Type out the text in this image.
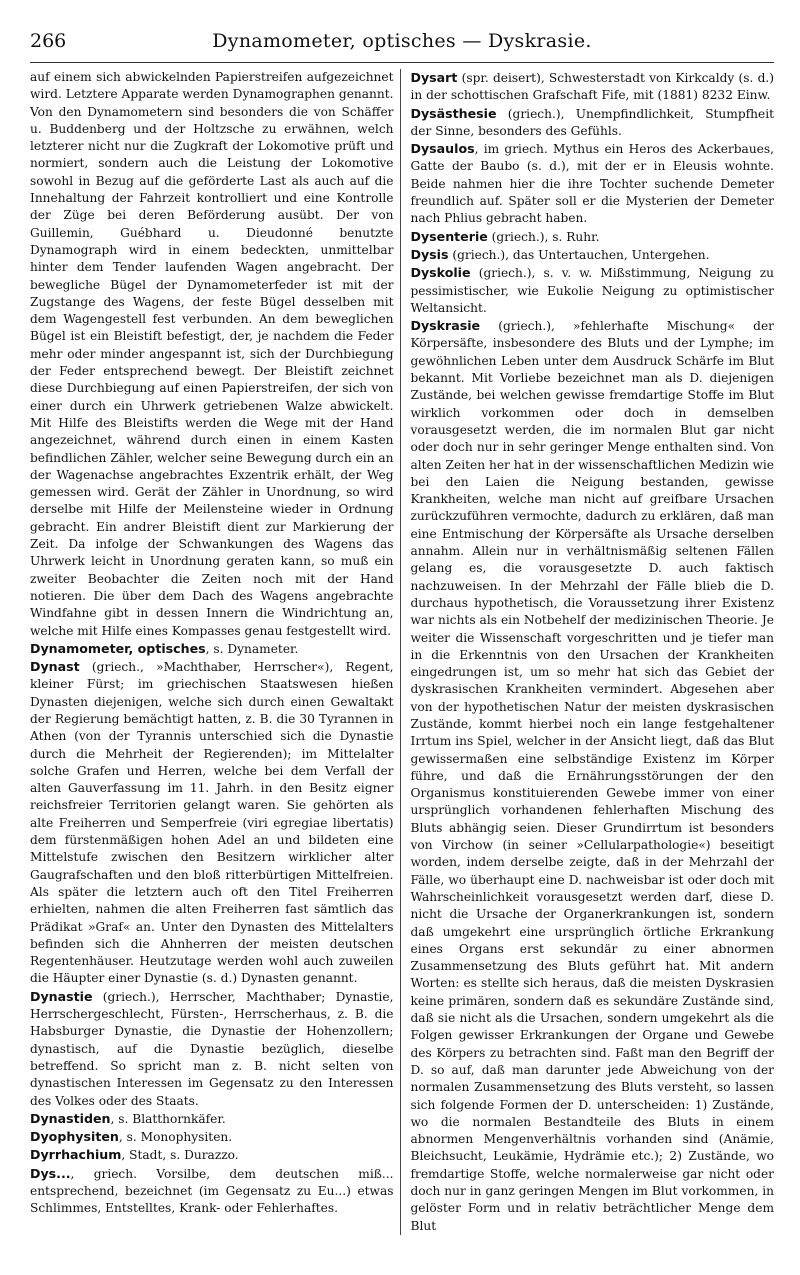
266	Dynamometer, optisches — Dyskrasie.

auf einem sich abwickelnden Papierstreifen aufgezeichnet wird. Letztere Apparate werden Dynamographen genannt. Von den Dynamometern sind besonders die von Schäffer u. Buddenberg und der Holtzsche zu erwähnen, welch letzterer nicht nur die Zugkraft der Lokomotive prüft und normiert, sondern auch die Leistung der Lokomotive sowohl in Bezug auf die geförderte Last als auch auf die Innehaltung der Fahrzeit kontrolliert und eine Kontrolle der Züge bei deren Beförderung ausübt. Der von Guillemin, Guébhard u. Dieudonné benutzte Dynamograph wird in einem bedeckten, unmittelbar hinter dem Tender laufenden Wagen angebracht. Der bewegliche Bügel der Dynamometerfeder ist mit der Zugstange des Wagens, der feste Bügel desselben mit dem Wagengestell fest verbunden. An dem beweglichen Bügel ist ein Bleistift befestigt, der, je nachdem die Feder mehr oder minder angespannt ist, sich der Durchbiegung der Feder entsprechend bewegt. Der Bleistift zeichnet diese Durchbiegung auf einen Papierstreifen, der sich von einer durch ein Uhrwerk getriebenen Walze abwickelt. Mit Hilfe des Bleistifts werden die Wege mit der Hand angezeichnet, während durch einen in einem Kasten befindlichen Zähler, welcher seine Bewegung durch ein an der Wagenachse angebrachtes Exzentrik erhält, der Weg gemessen wird. Gerät der Zähler in Unordnung, so wird derselbe mit Hilfe der Meilensteine wieder in Ordnung gebracht. Ein andrer Bleistift dient zur Markierung der Zeit. Da infolge der Schwankungen des Wagens das Uhrwerk leicht in Unordnung geraten kann, so muß ein zweiter Beobachter die Zeiten noch mit der Hand notieren. Die über dem Dach des Wagens angebrachte Windfahne gibt in dessen Innern die Windrichtung an, welche mit Hilfe eines Kompasses genau festgestellt wird.

Dynamometer, optisches, s. Dynameter.

Dynast (griech., »Machthaber, Herrscher«), Regent, kleiner Fürst; im griechischen Staatswesen hießen Dynasten diejenigen, welche sich durch einen Gewaltakt der Regierung bemächtigt hatten, z. B. die 30 Tyrannen in Athen (von der Tyrannis unterschied sich die Dynastie durch die Mehrheit der Regierenden); im Mittelalter solche Grafen und Herren, welche bei dem Verfall der alten Gauverfassung im 11. Jahrh. in den Besitz eigner reichsfreier Territorien gelangt waren. Sie gehörten als alte Freiherren und Semperfreie (viri egregiae libertatis) dem fürstenmäßigen hohen Adel an und bildeten eine Mittelstufe zwischen den Besitzern wirklicher alter Gaugrafschaften und den bloß ritterbürtigen Mittelfreien. Als später die letztern auch oft den Titel Freiherren erhielten, nahmen die alten Freiherren fast sämtlich das Prädikat »Graf« an. Unter den Dynasten des Mittelalters befinden sich die Ahnherren der meisten deutschen Regentenhäuser. Heutzutage werden wohl auch zuweilen die Häupter einer Dynastie (s. d.) Dynasten genannt.

Dynastie (griech.), Herrscher, Machthaber; Dynastie, Herrschergeschlecht, Fürsten-, Herrscherhaus, z. B. die Habsburger Dynastie, die Dynastie der Hohenzollern; dynastisch, auf die Dynastie bezüglich, dieselbe betreffend. So spricht man z. B. nicht selten von dynastischen Interessen im Gegensatz zu den Interessen des Volkes oder des Staats.

Dynastiden, s. Blatthornkäfer.

Dyophysiten, s. Monophysiten.

Dyrrhachium, Stadt, s. Durazzo.

Dys..., griech. Vorsilbe, dem deutschen miß... entsprechend, bezeichnet (im Gegensatz zu Eu...) etwas Schlimmes, Entstelltes, Krank- oder Fehlerhaftes.

Dysart (spr. deisert), Schwesterstadt von Kirkcaldy (s. d.) in der schottischen Grafschaft Fife, mit (1881) 8232 Einw.

Dysästhesie (griech.), Unempfindlichkeit, Stumpfheit der Sinne, besonders des Gefühls.

Dysaulos, im griech. Mythus ein Heros des Ackerbaues, Gatte der Baubo (s. d.), mit der er in Eleusis wohnte. Beide nahmen hier die ihre Tochter suchende Demeter freundlich auf. Später soll er die Mysterien der Demeter nach Phlius gebracht haben.

Dysenterie (griech.), s. Ruhr.

Dysis (griech.), das Untertauchen, Untergehen.

Dyskolie (griech.), s. v. w. Mißstimmung, Neigung zu pessimistischer, wie Eukolie Neigung zu optimistischer Weltansicht.

Dyskrasie (griech.), »fehlerhafte Mischung« der Körpersäfte, insbesondere des Bluts und der Lymphe; im gewöhnlichen Leben unter dem Ausdruck Schärfe im Blut bekannt. Mit Vorliebe bezeichnet man als D. diejenigen Zustände, bei welchen gewisse fremdartige Stoffe im Blut wirklich vorkommen oder doch in demselben vorausgesetzt werden, die im normalen Blut gar nicht oder doch nur in sehr geringer Menge enthalten sind. Von alten Zeiten her hat in der wissenschaftlichen Medizin wie bei den Laien die Neigung bestanden, gewisse Krankheiten, welche man nicht auf greifbare Ursachen zurückzuführen vermochte, dadurch zu erklären, daß man eine Entmischung der Körpersäfte als Ursache derselben annahm. Allein nur in verhältnismäßig seltenen Fällen gelang es, die vorausgesetzte D. auch faktisch nachzuweisen. In der Mehrzahl der Fälle blieb die D. durchaus hypothetisch, die Voraussetzung ihrer Existenz war nichts als ein Notbehelf der medizinischen Theorie. Je weiter die Wissenschaft vorgeschritten und je tiefer man in die Erkenntnis von den Ursachen der Krankheiten eingedrungen ist, um so mehr hat sich das Gebiet der dyskrasischen Krankheiten vermindert. Abgesehen aber von der hypothetischen Natur der meisten dyskrasischen Zustände, kommt hierbei noch ein lange festgehaltener Irrtum ins Spiel, welcher in der Ansicht liegt, daß das Blut gewissermaßen eine selbständige Existenz im Körper führe, und daß die Ernährungsstörungen der den Organismus konstituierenden Gewebe immer von einer ursprünglich vorhandenen fehlerhaften Mischung des Bluts abhängig seien. Dieser Grundirrtum ist besonders von Virchow (in seiner »Cellularpathologie«) beseitigt worden, indem derselbe zeigte, daß in der Mehrzahl der Fälle, wo überhaupt eine D. nachweisbar ist oder doch mit Wahrscheinlichkeit vorausgesetzt werden darf, diese D. nicht die Ursache der Organerkrankungen ist, sondern daß umgekehrt eine ursprünglich örtliche Erkrankung eines Organs erst sekundär zu einer abnormen Zusammensetzung des Bluts geführt hat. Mit andern Worten: es stellte sich heraus, daß die meisten Dyskrasien keine primären, sondern daß es sekundäre Zustände sind, daß sie nicht als die Ursachen, sondern umgekehrt als die Folgen gewisser Erkrankungen der Organe und Gewebe des Körpers zu betrachten sind. Faßt man den Begriff der D. so auf, daß man darunter jede Abweichung von der normalen Zusammensetzung des Bluts versteht, so lassen sich folgende Formen der D. unterscheiden: 1) Zustände, wo die normalen Bestandteile des Bluts in einem abnormen Mengenverhältnis vorhanden sind (Anämie, Bleichsucht, Leukämie, Hydrämie etc.); 2) Zustände, wo fremdartige Stoffe, welche normalerweise gar nicht oder doch nur in ganz geringen Mengen im Blut vorkommen, in gelöster Form und in relativ beträchtlicher Menge dem Blut
